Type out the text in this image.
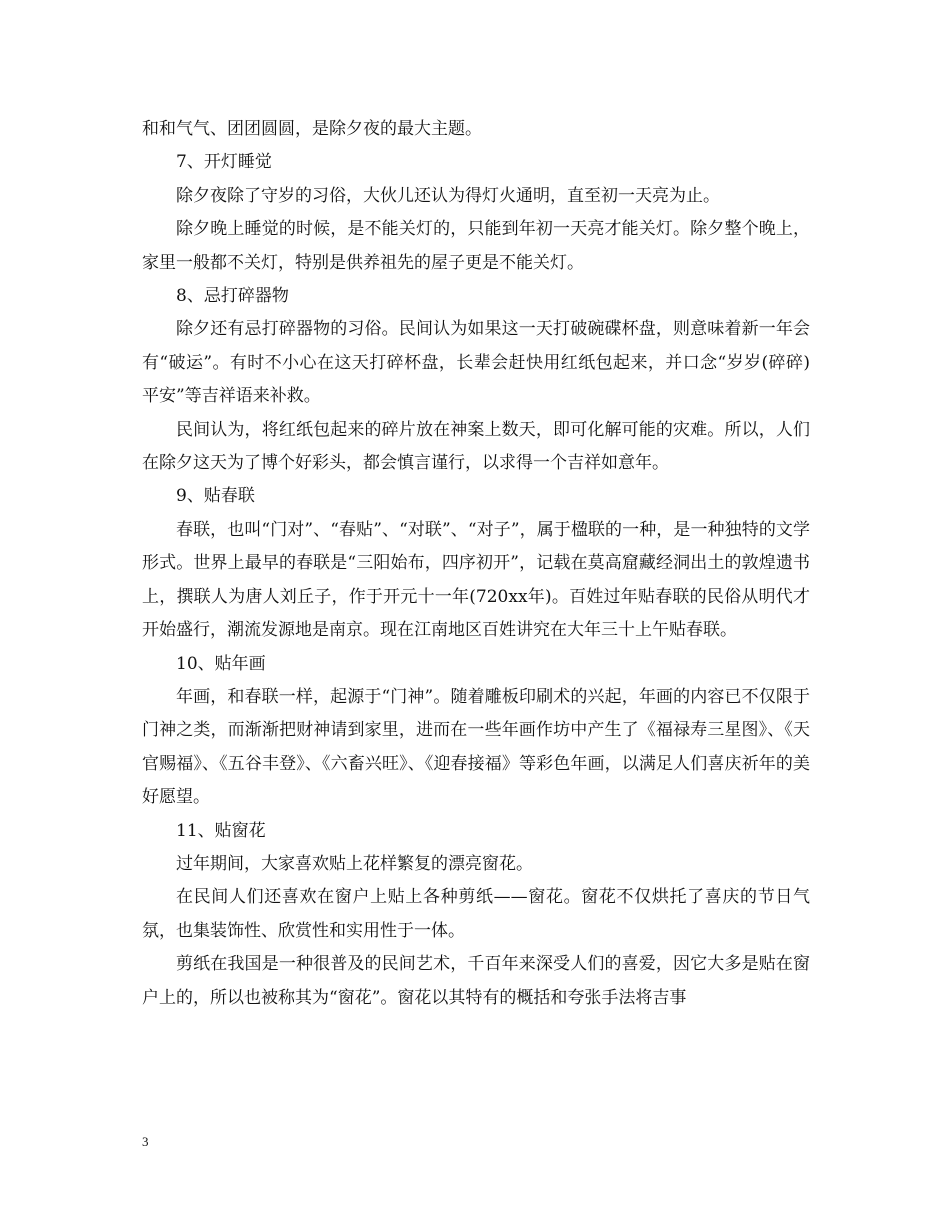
和和气气、团团圆圆，是除夕夜的最大主题。

7、开灯睡觉

除夕夜除了守岁的习俗，大伙儿还认为得灯火通明，直至初一天亮为止。

除夕晚上睡觉的时候，是不能关灯的，只能到年初一天亮才能关灯。除夕整个晚上，家里一般都不关灯，特别是供养祖先的屋子更是不能关灯。

8、忌打碎器物

除夕还有忌打碎器物的习俗。民间认为如果这一天打破碗碟杯盘，则意味着新一年会有“破运”。有时不小心在这天打碎杯盘，长辈会赶快用红纸包起来，并口念“岁岁(碎碎)平安”等吉祥语来补救。

民间认为，将红纸包起来的碎片放在神案上数天，即可化解可能的灾难。所以，人们在除夕这天为了博个好彩头，都会慎言谨行，以求得一个吉祥如意年。

9、贴春联

春联，也叫“门对”、“春贴”、“对联”、“对子”，属于楹联的一种，是一种独特的文学形式。世界上最早的春联是“三阳始布，四序初开”，记载在莫高窟藏经洞出土的敦煌遗书上，撰联人为唐人刘丘子，作于开元十一年(720xx年)。百姓过年贴春联的民俗从明代才开始盛行，潮流发源地是南京。现在江南地区百姓讲究在大年三十上午贴春联。

10、贴年画

年画，和春联一样，起源于“门神”。随着雕板印刷术的兴起，年画的内容已不仅限于门神之类，而渐渐把财神请到家里，进而在一些年画作坊中产生了《福禄寿三星图》、《天官赐福》、《五谷丰登》、《六畜兴旺》、《迎春接福》等彩色年画，以满足人们喜庆祈年的美好愿望。

11、贴窗花

过年期间，大家喜欢贴上花样繁复的漂亮窗花。

在民间人们还喜欢在窗户上贴上各种剪纸——窗花。窗花不仅烘托了喜庆的节日气氛，也集装饰性、欣赏性和实用性于一体。

剪纸在我国是一种很普及的民间艺术，千百年来深受人们的喜爱，因它大多是贴在窗户上的，所以也被称其为“窗花”。窗花以其特有的概括和夸张手法将吉事

3
